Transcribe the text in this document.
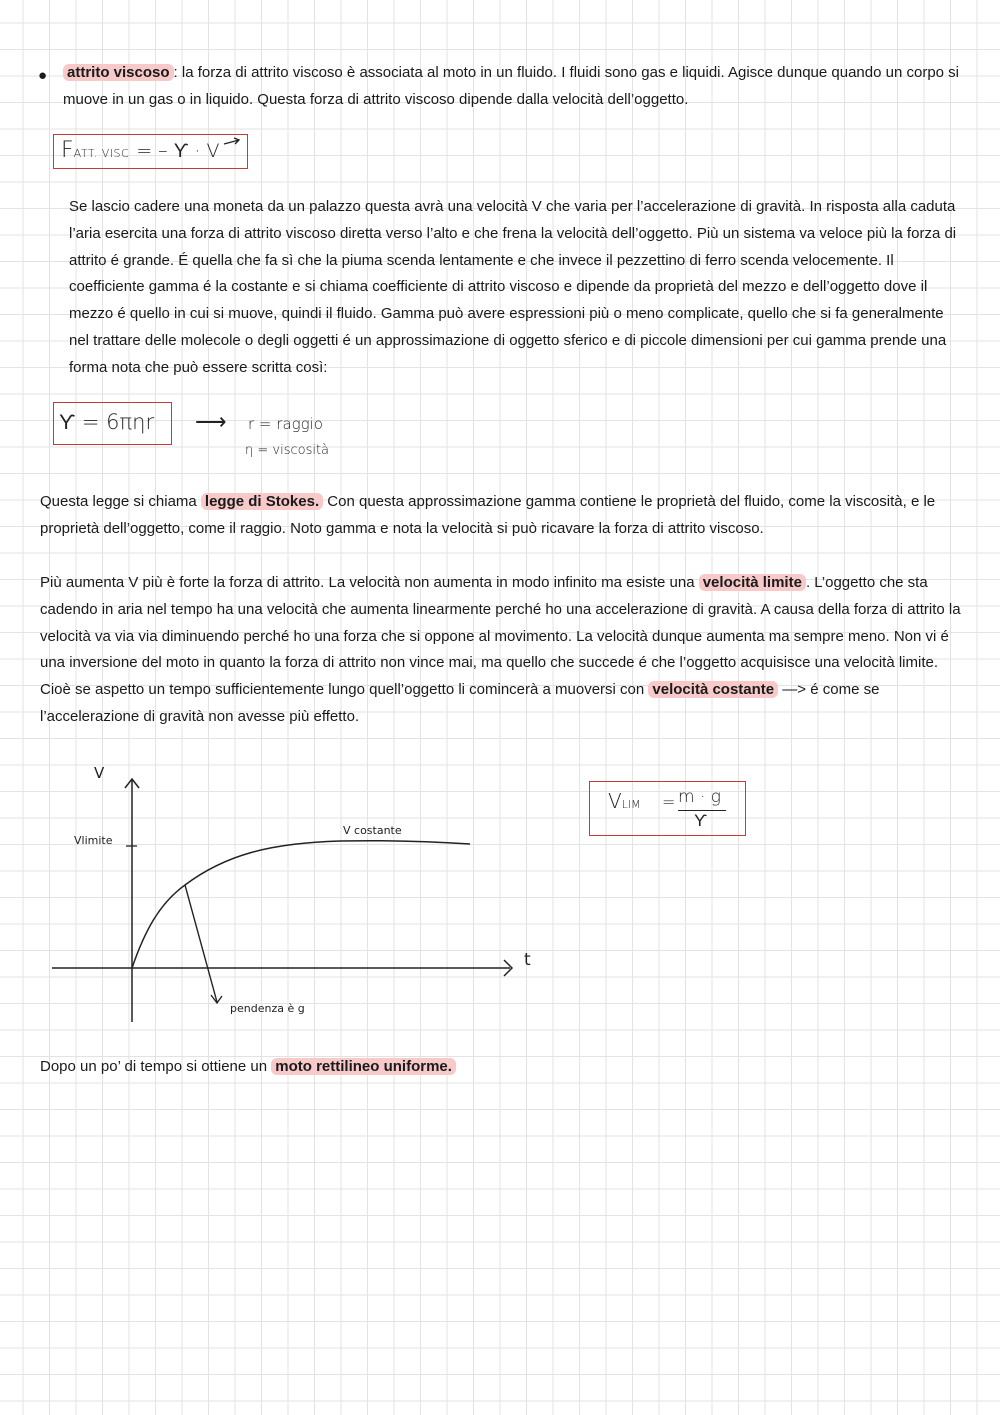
● attrito viscoso : la forza di attrito viscoso è associata al moto in un fluido. I fluidi sono gas e liquidi. Agisce dunque quando un corpo si muove in un gas o in liquido. Questa forza di attrito viscoso dipende dalla velocità dell’oggetto.

FATT. VISC = – ϒ · V

Se lascio cadere una moneta da un palazzo questa avrà una velocità V che varia per l’accelerazione di gravità. In risposta alla caduta l’aria esercita una forza di attrito viscoso diretta verso l’alto e che frena la velocità dell’oggetto. Più un sistema va veloce più la forza di attrito é grande. É quella che fa sì che la piuma scenda lentamente e che invece il pezzettino di ferro scenda velocemente. Il coefficiente gamma é la costante e si chiama coefficiente di attrito viscoso e dipende da proprietà del mezzo e dell’oggetto dove il mezzo é quello in cui si muove, quindi il fluido. Gamma può avere espressioni più o meno complicate, quello che si fa generalmente nel trattare delle molecole o degli oggetti é un approssimazione di oggetto sferico e di piccole dimensioni per cui gamma prende una forma nota che può essere scritta così:

ϒ = 6πηr ⟶ r = raggio
η = viscosità

Questa legge si chiama legge di Stokes. Con questa approssimazione gamma contiene le proprietà del fluido, come la viscosità, e le proprietà dell’oggetto, come il raggio. Noto gamma e nota la velocità si può ricavare la forza di attrito viscoso.

Più aumenta V più è forte la forza di attrito. La velocità non aumenta in modo infinito ma esiste una velocità limite . L’oggetto che sta cadendo in aria nel tempo ha una velocità che aumenta linearmente perché ho una accelerazione di gravità. A causa della forza di attrito la velocità va via via diminuendo perché ho una forza che si oppone al movimento. La velocità dunque aumenta ma sempre meno. Non vi é una inversione del moto in quanto la forza di attrito non vince mai, ma quello che succede é che l’oggetto acquisisce una velocità limite. Cioè se aspetto un tempo sufficientemente lungo quell’oggetto li comincerà a muoversi con velocità costante —> é come se l’accelerazione di gravità non avesse più effetto.

V
t
Vlimite
V costante
pendenza è g
VLIM = m · g
ϒ

Dopo un po’ di tempo si ottiene un moto rettilineo uniforme.
